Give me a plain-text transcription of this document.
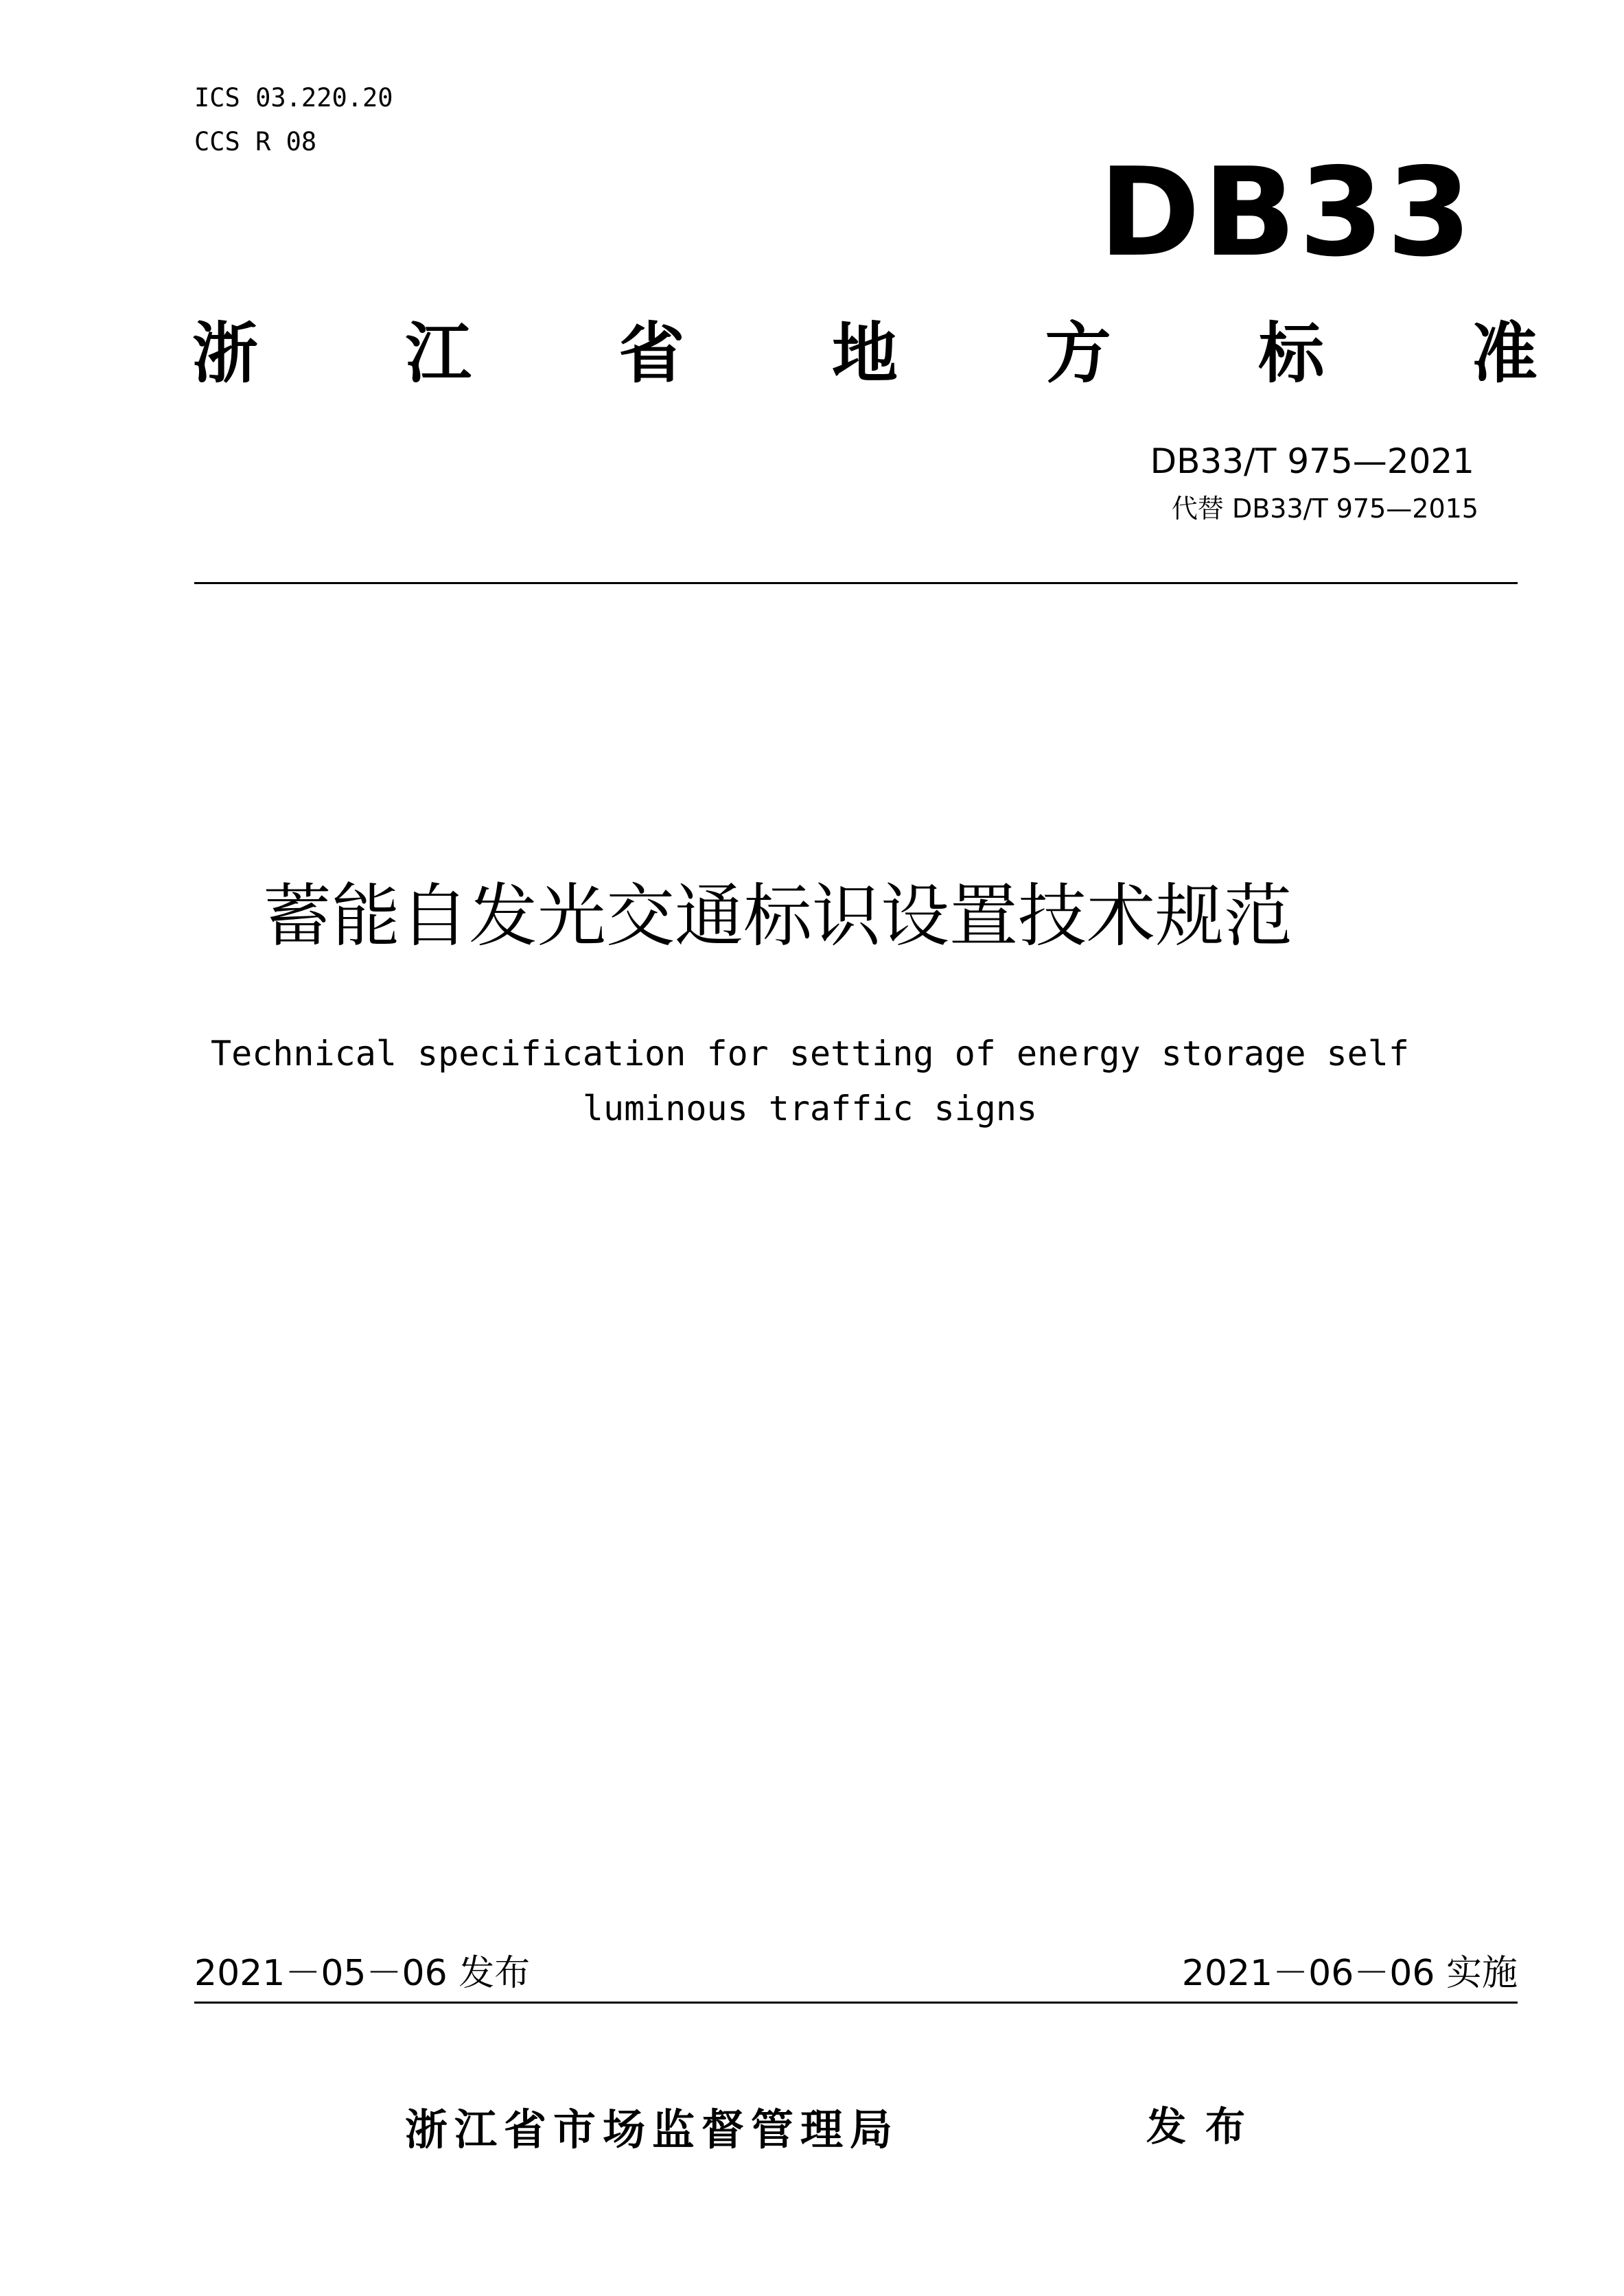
ICS 03.220.20
CCS R 08	DB33
浙 江 省 地 方 标 准
DB33/T 975—2021
代替 DB33/T 975—2015
蓄能自发光交通标识设置技术规范
Technical specification for setting of energy storage self luminous traffic signs
2021－05－06 发布	2021－06－06 实施
浙江省市场监督管理局	发布
